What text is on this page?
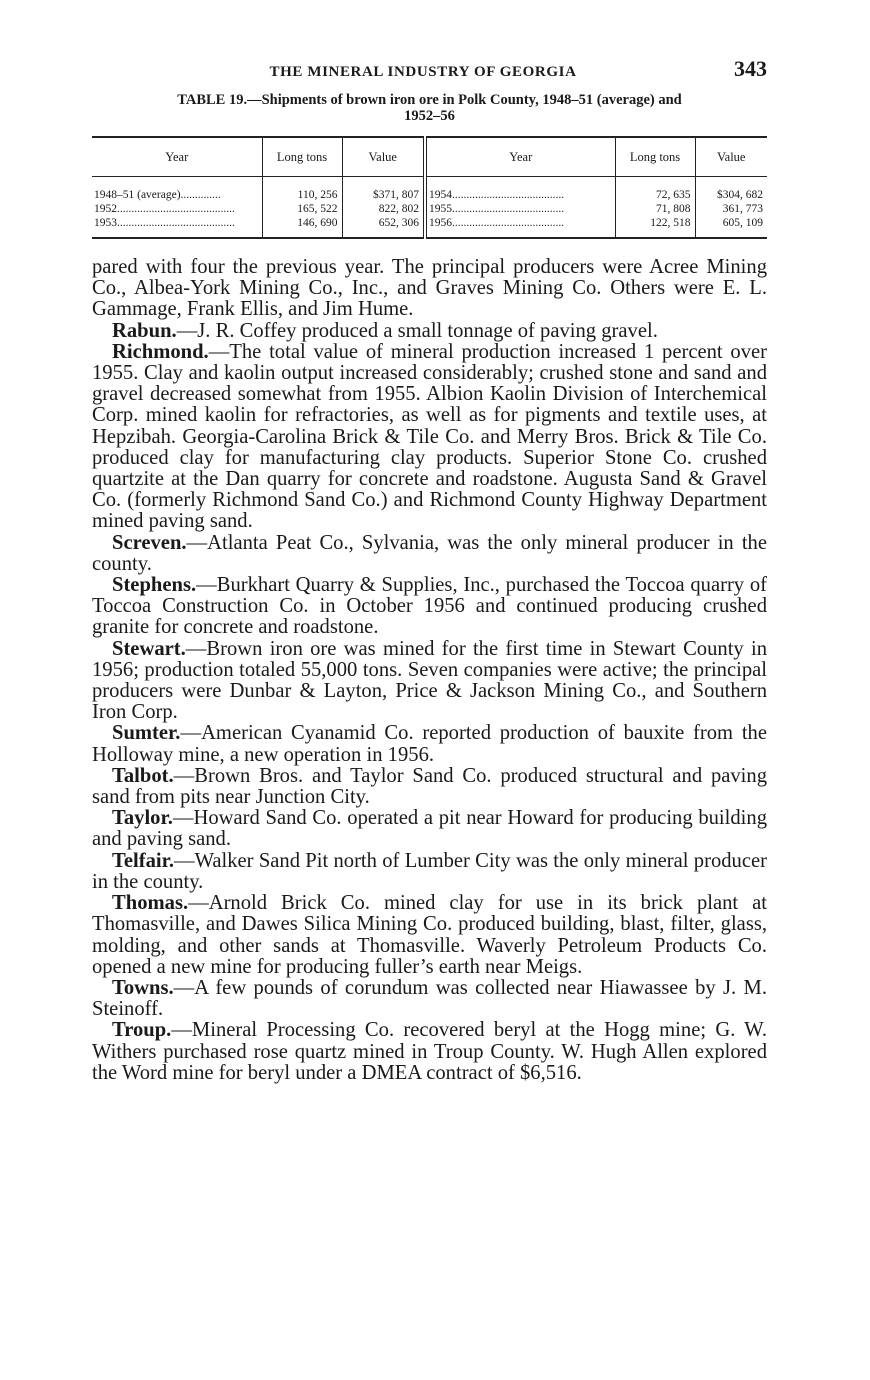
THE MINERAL INDUSTRY OF GEORGIA	343
TABLE 19.—Shipments of brown iron ore in Polk County, 1948–51 (average) and
1952–56
Year	Long tons	Value	Year	Long tons	Value
1948–51 (average)..............	110, 256	$371, 807	1954.......................................	72, 635	$304, 682
1952.........................................	165, 522	822, 802	1955.......................................	71, 808	361, 773
1953.........................................	146, 690	652, 306	1956.......................................	122, 518	605, 109

pared with four the previous year. The principal producers were Acree Mining Co., Albea-York Mining Co., Inc., and Graves Mining Co. Others were E. L. Gammage, Frank Ellis, and Jim Hume.

Rabun.—J. R. Coffey produced a small tonnage of paving gravel.

Richmond.—The total value of mineral production increased 1 percent over 1955. Clay and kaolin output increased considerably; crushed stone and sand and gravel decreased somewhat from 1955. Albion Kaolin Division of Interchemical Corp. mined kaolin for refractories, as well as for pigments and textile uses, at Hepzibah. Georgia-Carolina Brick & Tile Co. and Merry Bros. Brick & Tile Co. produced clay for manufacturing clay products. Superior Stone Co. crushed quartzite at the Dan quarry for concrete and roadstone. Augusta Sand & Gravel Co. (formerly Richmond Sand Co.) and Richmond County Highway Department mined paving sand.

Screven.—Atlanta Peat Co., Sylvania, was the only mineral producer in the county.

Stephens.—Burkhart Quarry & Supplies, Inc., purchased the Toccoa quarry of Toccoa Construction Co. in October 1956 and continued producing crushed granite for concrete and roadstone.

Stewart.—Brown iron ore was mined for the first time in Stewart County in 1956; production totaled 55,000 tons. Seven companies were active; the principal producers were Dunbar & Layton, Price & Jackson Mining Co., and Southern Iron Corp.

Sumter.—American Cyanamid Co. reported production of bauxite from the Holloway mine, a new operation in 1956.

Talbot.—Brown Bros. and Taylor Sand Co. produced structural and paving sand from pits near Junction City.

Taylor.—Howard Sand Co. operated a pit near Howard for producing building and paving sand.

Telfair.—Walker Sand Pit north of Lumber City was the only mineral producer in the county.

Thomas.—Arnold Brick Co. mined clay for use in its brick plant at Thomasville, and Dawes Silica Mining Co. produced building, blast, filter, glass, molding, and other sands at Thomasville. Waverly Petroleum Products Co. opened a new mine for producing fuller’s earth near Meigs.

Towns.—A few pounds of corundum was collected near Hiawassee by J. M. Steinoff.

Troup.—Mineral Processing Co. recovered beryl at the Hogg mine; G. W. Withers purchased rose quartz mined in Troup County. W. Hugh Allen explored the Word mine for beryl under a DMEA contract of $6,516.
